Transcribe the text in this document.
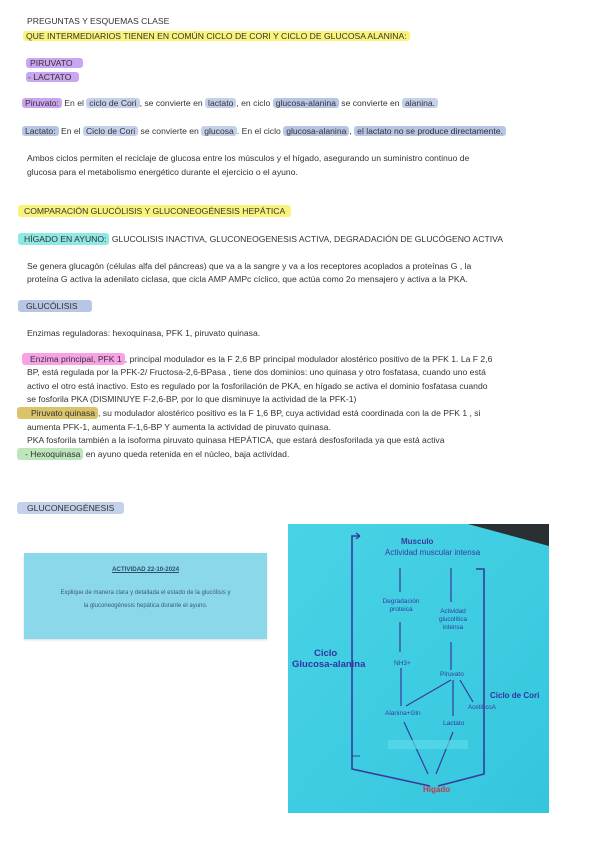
PREGUNTAS Y ESQUEMAS CLASE
QUE INTERMEDIARIOS TIENEN EN COMÚN CICLO DE CORI Y CICLO DE GLUCOSA ALANINA:
PIRUVATO
- LACTATO
Piruvato: En el ciclo de Cori , se convierte en lactato , en ciclo glucosa-alanina se convierte en alanina.
Lactato: En el Ciclo de Cori se convierte en glucosa . En el ciclo glucosa-alanina , el lactato no se produce directamente.
Ambos ciclos permiten el reciclaje de glucosa entre los músculos y el hígado, asegurando un suministro continuo de
glucosa para el metabolismo energético durante el ejercicio o el ayuno.
COMPARACIÓN GLUCÓLISIS Y GLUCONEOGÉNESIS HEPÁTICA
HÍGADO EN AYUNO: GLUCOLISIS INACTIVA, GLUCONEOGENESIS ACTIVA, DEGRADACIÓN DE GLUCÓGENO ACTIVA
Se genera glucagón (células alfa del páncreas) que va a la sangre y va a los receptores acoplados a proteínas G , la
proteína G activa la adenilato ciclasa, que cicla AMP AMPc cíclico, que actúa como 2o mensajero y activa a la PKA.
GLUCÓLISIS
Enzimas reguladoras: hexoquinasa, PFK 1, piruvato quinasa.
Enzima principal, PFK 1 , principal modulador es la F 2,6 BP principal modulador alostérico positivo de la PFK 1. La F 2,6
BP, está regulada por la PFK-2/ Fructosa-2,6-BPasa , tiene dos dominios: uno quinasa y otro fosfatasa, cuando uno está
activo el otro está inactivo. Esto es regulado por la fosforilación de PKA, en hígado se activa el dominio fosfatasa cuando
se fosforila PKA (DISMINUYE F-2,6-BP, por lo que disminuye la actividad de la PFK-1)
Piruvato quinasa , su modulador alostérico positivo es la F 1,6 BP, cuya actividad está coordinada con la de PFK 1 , si
aumenta PFK-1, aumenta F-1,6-BP Y aumenta la actividad de piruvato quinasa.
PKA fosforila también a la isoforma piruvato quinasa HEPÁTICA, que estará desfosforilada ya que está activa
- Hexoquinasa en ayuno queda retenida en el núcleo, baja actividad.
GLUCONEOGÉNESIS
ACTIVIDAD 22-10-2024
Explique de manera clara y detallada el estado de la glucólisis y
la gluconeogénesis hepática durante el ayuno.
Musculo
Actividad muscular intensa
Degradación proteica	Actividad glucolítica intensa
NH3+
Piruvato
Acetil-coA
Alanina+Gln
Lactato
Hígado
Ciclo
Glucosa-alanina
Ciclo de Cori
